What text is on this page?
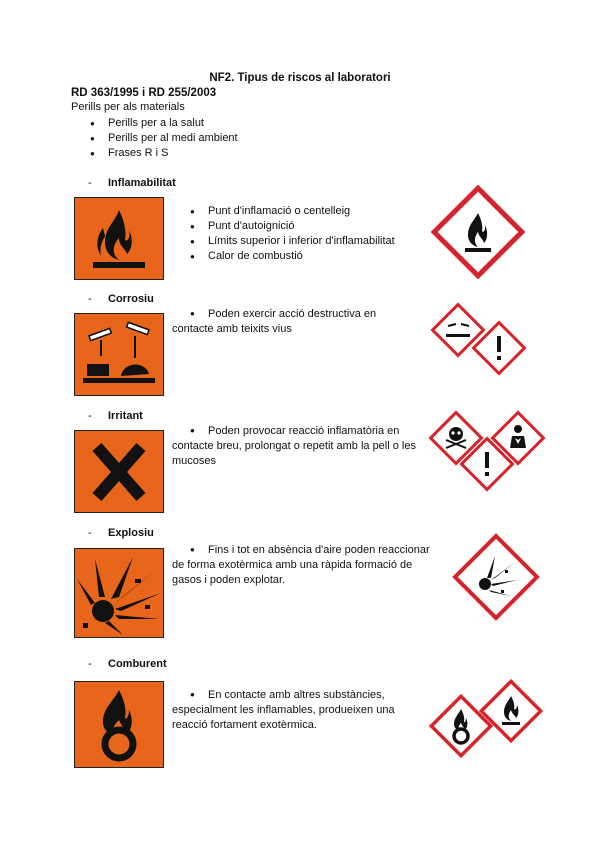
NF2. Tipus de riscos al laboratori
RD 363/1995 i RD 255/2003
Perills per als materials
● Perills per a la salut
● Perills per al medi ambient
● Frases R i S
- Inflamabilitat
● Punt d'inflamació o centelleig
● Punt d'autoignició
● Límits superior i inferior d'inflamabilitat
● Calor de combustió
- Corrosiu
● Poden exercir acció destructiva en
contacte amb teixits vius
- Irritant
● Poden provocar reacció inflamatòria en
contacte breu, prolongat o repetit amb la pell o les
mucoses
- Explosiu
● Fins i tot en absència d'aire poden reaccionar
de forma exotèrmica amb una ràpida formació de
gasos i poden explotar.
- Comburent
● En contacte amb altres substàncies,
especialment les inflamables, produeixen una
reacció fortament exotèrmica.
